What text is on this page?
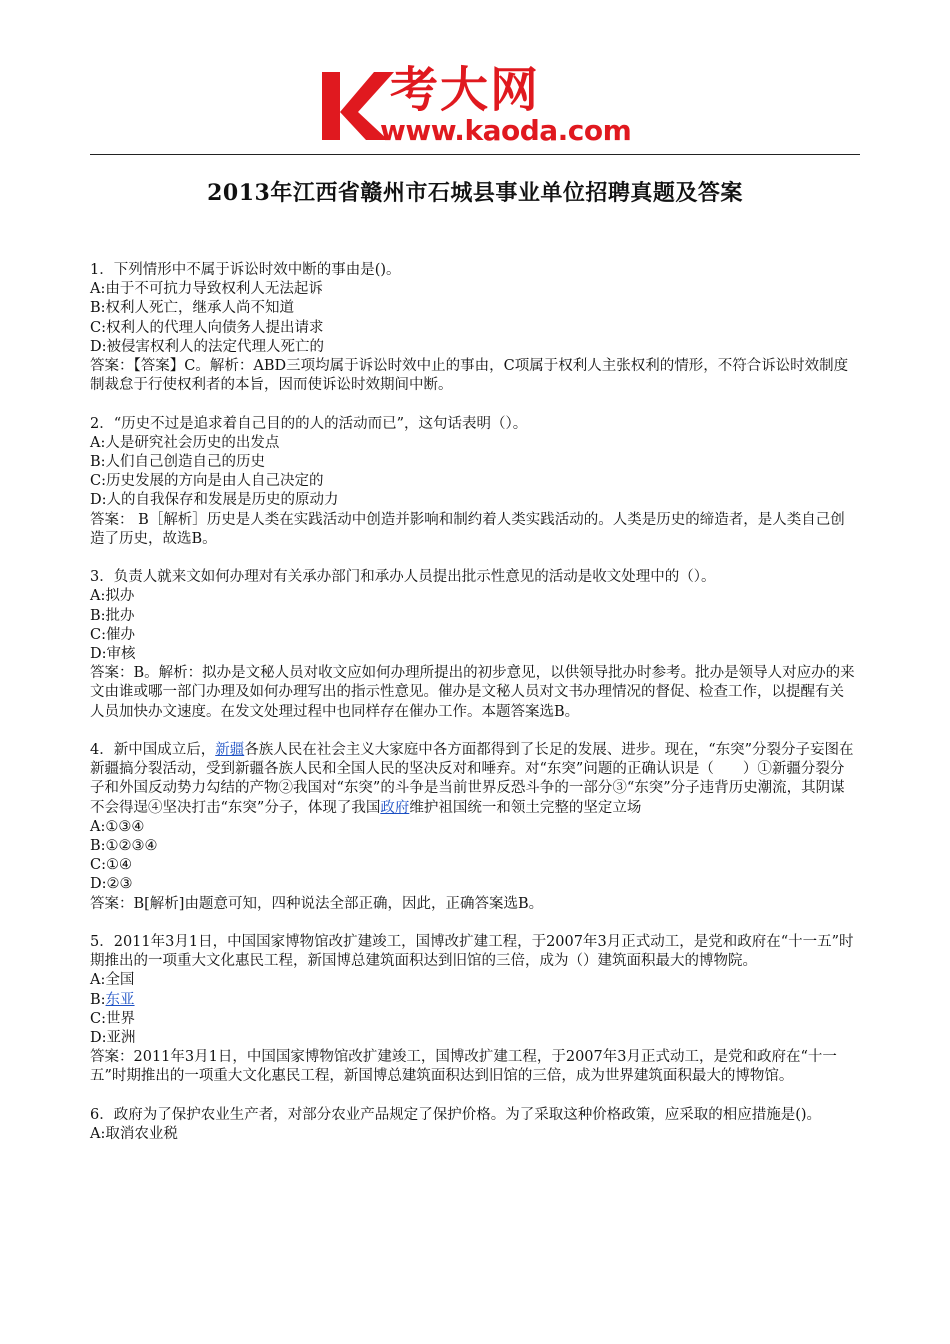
考大网
www.kaoda.com
2013年江西省赣州市石城县事业单位招聘真题及答案

1．下列情形中不属于诉讼时效中断的事由是()。

A:由于不可抗力导致权利人无法起诉
B:权利人死亡，继承人尚不知道
C:权利人的代理人向债务人提出请求
D:被侵害权利人的法定代理人死亡的

答案：【答案】C。解析：ABD三项均属于诉讼时效中止的事由，C项属于权利人主张权利的情形，不符合诉讼时效制度制裁怠于行使权利者的本旨，因而使诉讼时效期间中断。

2．“历史不过是追求着自己目的的人的活动而已”，这句话表明（）。

A:人是研究社会历史的出发点
B:人们自己创造自己的历史
C:历史发展的方向是由人自己决定的
D:人的自我保存和发展是历史的原动力

答案： B［解析］历史是人类在实践活动中创造并影响和制约着人类实践活动的。人类是历史的缔造者，是人类自己创造了历史，故选B。

3．负责人就来文如何办理对有关承办部门和承办人员提出批示性意见的活动是收文处理中的（）。

A:拟办
B:批办
C:催办
D:审核

答案：B。解析：拟办是文秘人员对收文应如何办理所提出的初步意见，以供领导批办时参考。批办是领导人对应办的来文由谁或哪一部门办理及如何办理写出的指示性意见。催办是文秘人员对文书办理情况的督促、检查工作，以提醒有关人员加快办文速度。在发文处理过程中也同样存在催办工作。本题答案选B。

4．新中国成立后，新疆各族人民在社会主义大家庭中各方面都得到了长足的发展、进步。现在，“东突”分裂分子妄图在新疆搞分裂活动，受到新疆各族人民和全国人民的坚决反对和唾弃。对“东突”问题的正确认识是（　　）①新疆分裂分子和外国反动势力勾结的产物②我国对“东突”的斗争是当前世界反恐斗争的一部分③“东突”分子违背历史潮流，其阴谋不会得逞④坚决打击“东突”分子，体现了我国政府维护祖国统一和领土完整的坚定立场

A:①③④
B:①②③④
C:①④
D:②③

答案：B[解析]由题意可知，四种说法全部正确，因此，正确答案选B。

5．2011年3月1日，中国国家博物馆改扩建竣工，国博改扩建工程，于2007年3月正式动工，是党和政府在“十一五”时期推出的一项重大文化惠民工程，新国博总建筑面积达到旧馆的三倍，成为（）建筑面积最大的博物院。

A:全国
B:东亚
C:世界
D:亚洲

答案：2011年3月1日，中国国家博物馆改扩建竣工，国博改扩建工程，于2007年3月正式动工，是党和政府在“十一五”时期推出的一项重大文化惠民工程，新国博总建筑面积达到旧馆的三倍，成为世界建筑面积最大的博物馆。

6．政府为了保护农业生产者，对部分农业产品规定了保护价格。为了采取这种价格政策，应采取的相应措施是()。

A:取消农业税
